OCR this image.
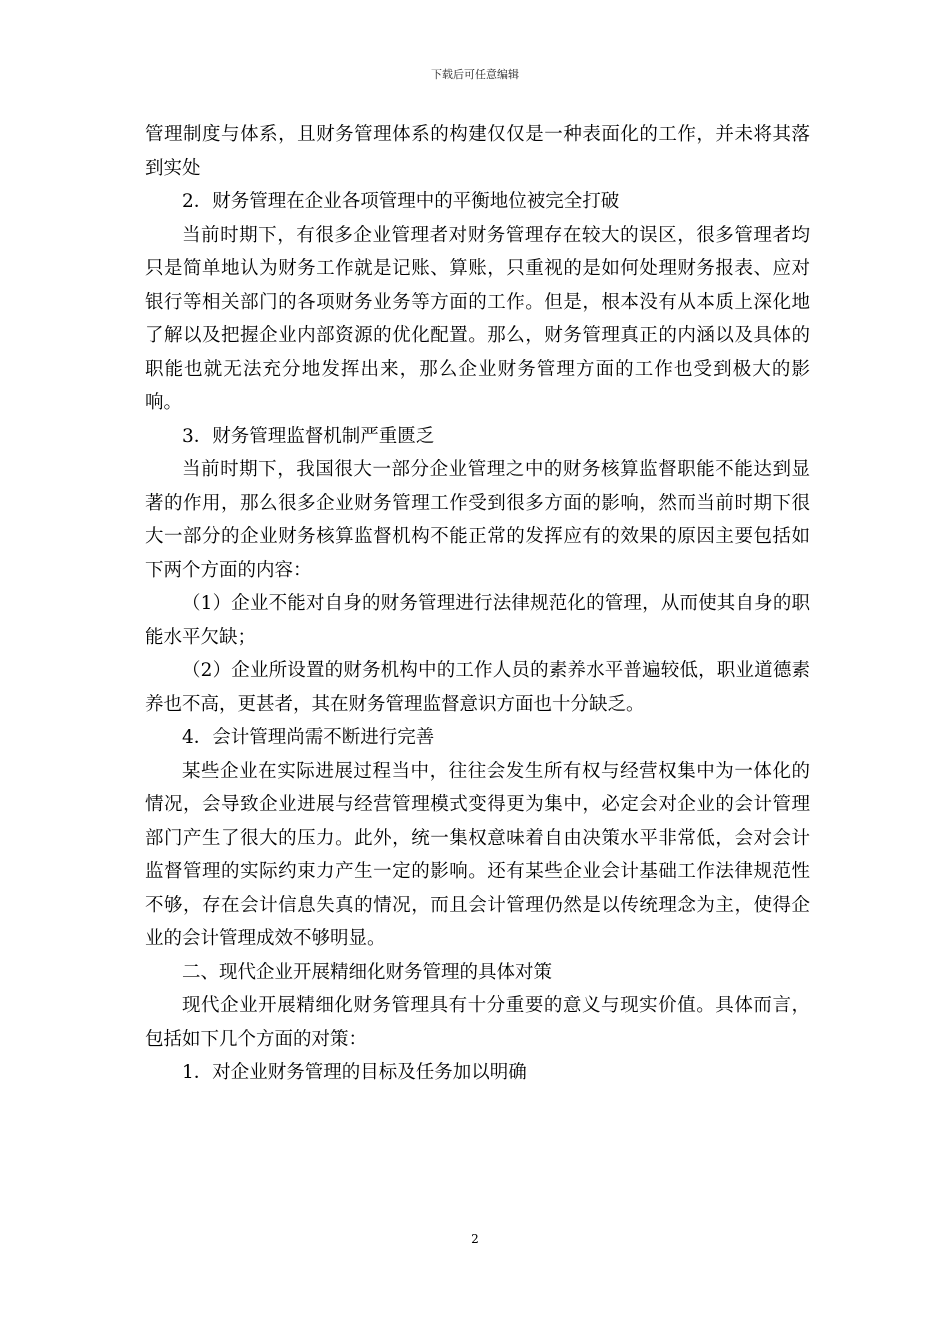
下载后可任意编辑

管理制度与体系，且财务管理体系的构建仅仅是一种表面化的工作，并未将其落到实处

2．财务管理在企业各项管理中的平衡地位被完全打破

当前时期下，有很多企业管理者对财务管理存在较大的误区，很多管理者均只是简单地认为财务工作就是记账、算账，只重视的是如何处理财务报表、应对银行等相关部门的各项财务业务等方面的工作。但是，根本没有从本质上深化地了解以及把握企业内部资源的优化配置。那么，财务管理真正的内涵以及具体的职能也就无法充分地发挥出来，那么企业财务管理方面的工作也受到极大的影响。

3．财务管理监督机制严重匮乏

当前时期下，我国很大一部分企业管理之中的财务核算监督职能不能达到显著的作用，那么很多企业财务管理工作受到很多方面的影响，然而当前时期下很大一部分的企业财务核算监督机构不能正常的发挥应有的效果的原因主要包括如下两个方面的内容：

（1）企业不能对自身的财务管理进行法律规范化的管理，从而使其自身的职能水平欠缺；

（2）企业所设置的财务机构中的工作人员的素养水平普遍较低，职业道德素养也不高，更甚者，其在财务管理监督意识方面也十分缺乏。

4．会计管理尚需不断进行完善

某些企业在实际进展过程当中，往往会发生所有权与经营权集中为一体化的情况，会导致企业进展与经营管理模式变得更为集中，必定会对企业的会计管理部门产生了很大的压力。此外，统一集权意味着自由决策水平非常低，会对会计监督管理的实际约束力产生一定的影响。还有某些企业会计基础工作法律规范性不够，存在会计信息失真的情况，而且会计管理仍然是以传统理念为主，使得企业的会计管理成效不够明显。

二、现代企业开展精细化财务管理的具体对策

现代企业开展精细化财务管理具有十分重要的意义与现实价值。具体而言，包括如下几个方面的对策：

1．对企业财务管理的目标及任务加以明确

2
